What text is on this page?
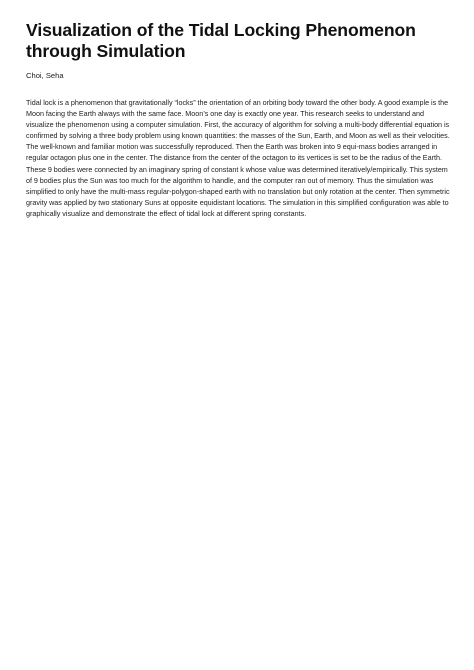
Visualization of the Tidal Locking Phenomenon through Simulation

Choi, Seha

Tidal lock is a phenomenon that gravitationally “locks” the orientation of an orbiting body toward the other body. A good example is the Moon facing the Earth always with the same face. Moon’s one day is exactly one year. This research seeks to understand and visualize the phenomenon using a computer simulation. First, the accuracy of algorithm for solving a multi-body differential equation is confirmed by solving a three body problem using known quantities: the masses of the Sun, Earth, and Moon as well as their velocities. The well-known and familiar motion was successfully reproduced. Then the Earth was broken into 9 equi-mass bodies arranged in regular octagon plus one in the center. The distance from the center of the octagon to its vertices is set to be the radius of the Earth. These 9 bodies were connected by an imaginary spring of constant k whose value was determined iteratively/empirically. This system of 9 bodies plus the Sun was too much for the algorithm to handle, and the computer ran out of memory. Thus the simulation was simplified to only have the multi-mass regular-polygon-shaped earth with no translation but only rotation at the center. Then symmetric gravity was applied by two stationary Suns at opposite equidistant locations. The simulation in this simplified configuration was able to graphically visualize and demonstrate the effect of tidal lock at different spring constants.
